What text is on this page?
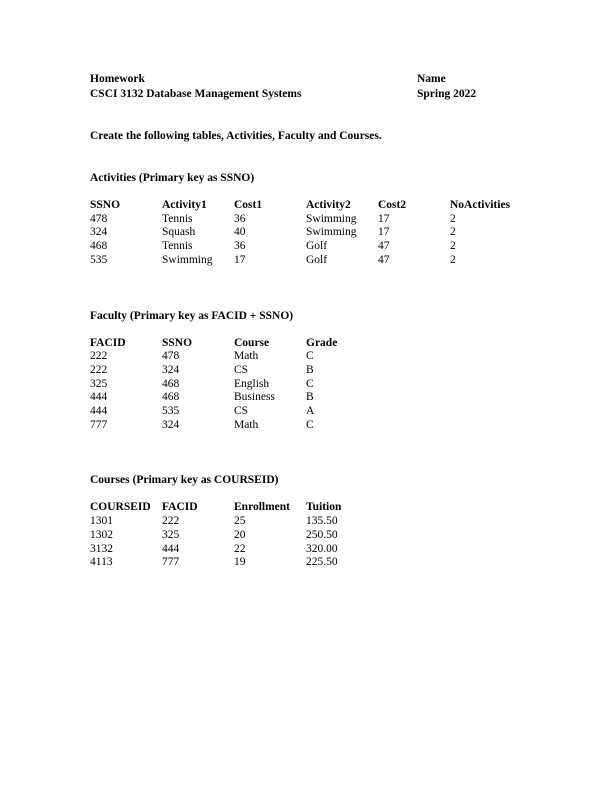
Homework
CSCI 3132 Database Management Systems
Name
Spring 2022
Create the following tables, Activities, Faculty and Courses.
Activities (Primary key as SSNO)
SSNO	Activity1	Cost1	Activity2	Cost2	NoActivities
478	Tennis	36	Swimming	17	2
324	Squash	40	Swimming	17	2
468	Tennis	36	Golf	47	2
535	Swimming	17	Golf	47	2
Faculty (Primary key as FACID + SSNO)
FACID	SSNO	Course	Grade
222	478	Math	C
222	324	CS	B
325	468	English	C
444	468	Business	B
444	535	CS	A
777	324	Math	C
Courses (Primary key as COURSEID)
COURSEID	FACID	Enrollment	Tuition
1301	222	25	135.50
1302	325	20	250.50
3132	444	22	320.00
4113	777	19	225.50
